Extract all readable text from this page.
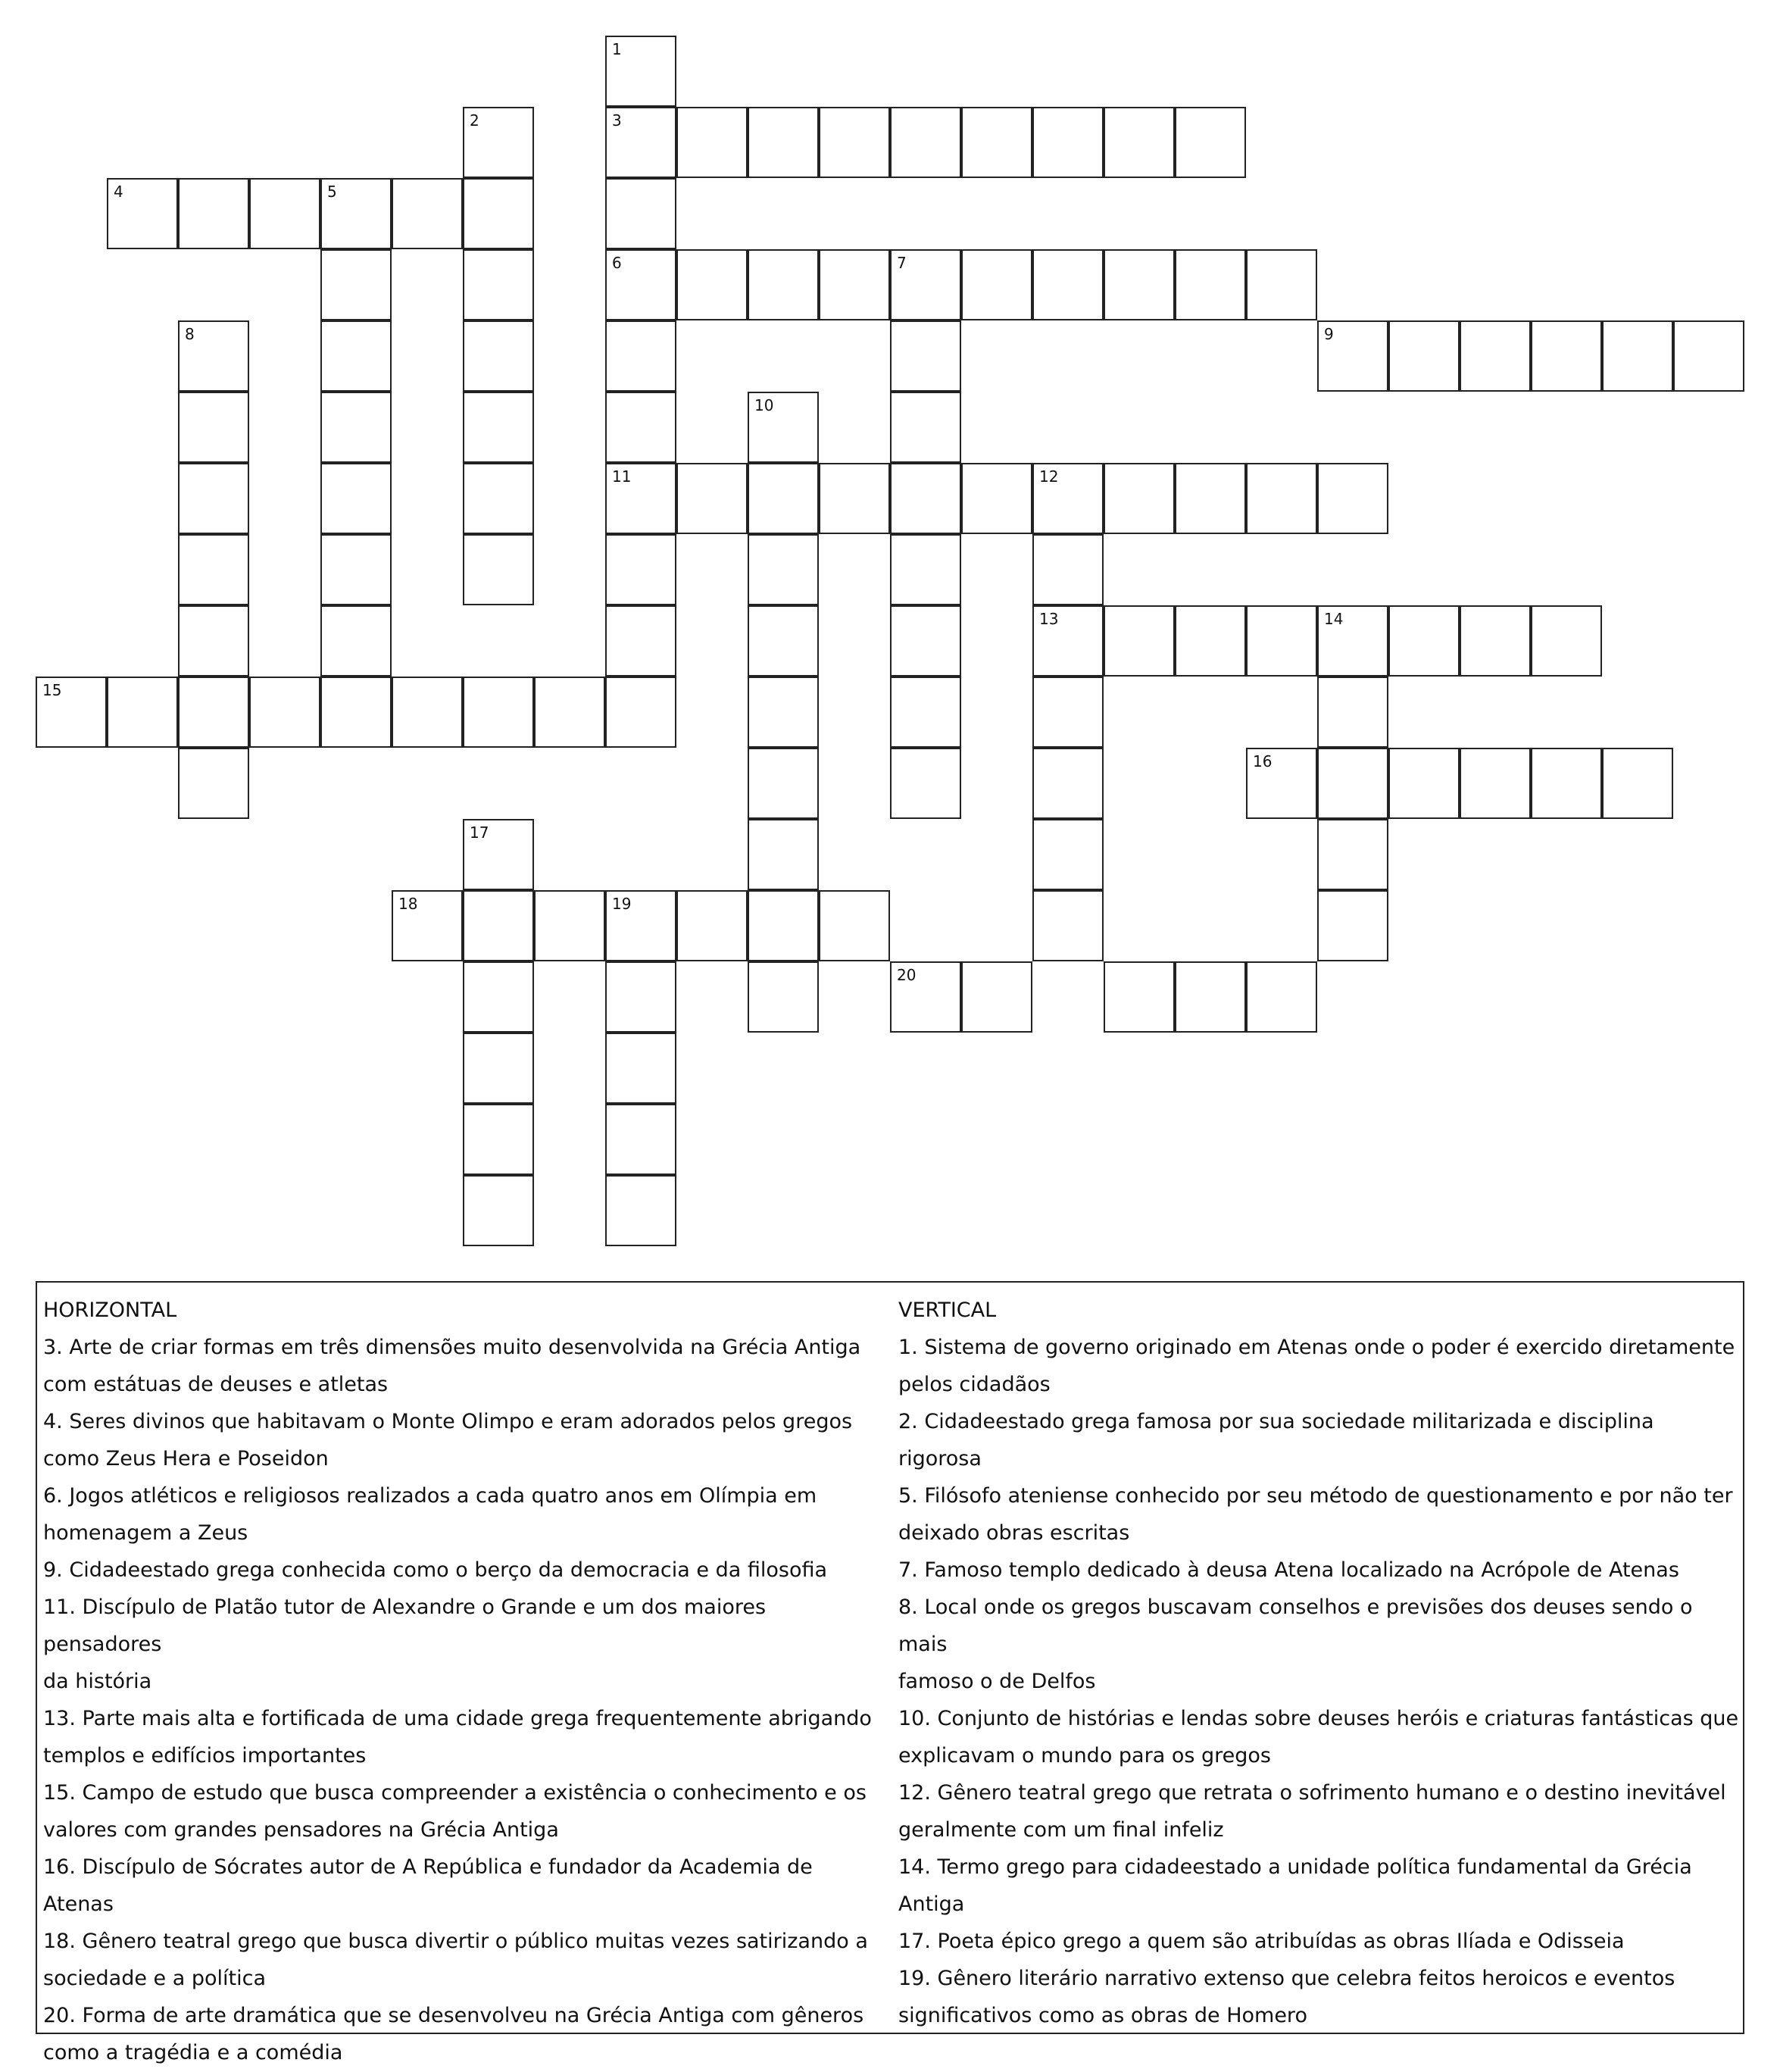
1
3
6
11
2
4	5
7
8	9
10
12
13	14
15
16
17
18	19
20
HORIZONTAL
3. Arte de criar formas em três dimensões muito desenvolvida na Grécia Antiga
com estátuas de deuses e atletas
4. Seres divinos que habitavam o Monte Olimpo e eram adorados pelos gregos
como Zeus Hera e Poseidon
6. Jogos atléticos e religiosos realizados a cada quatro anos em Olímpia em
homenagem a Zeus
9. Cidadeestado grega conhecida como o berço da democracia e da filosofia
11. Discípulo de Platão tutor de Alexandre o Grande e um dos maiores pensadores
da história
13. Parte mais alta e fortificada de uma cidade grega frequentemente abrigando
templos e edifícios importantes
15. Campo de estudo que busca compreender a existência o conhecimento e os
valores com grandes pensadores na Grécia Antiga
16. Discípulo de Sócrates autor de A República e fundador da Academia de Atenas
18. Gênero teatral grego que busca divertir o público muitas vezes satirizando a
sociedade e a política
20. Forma de arte dramática que se desenvolveu na Grécia Antiga com gêneros
como a tragédia e a comédia
VERTICAL
1. Sistema de governo originado em Atenas onde o poder é exercido diretamente
pelos cidadãos
2. Cidadeestado grega famosa por sua sociedade militarizada e disciplina rigorosa
5. Filósofo ateniense conhecido por seu método de questionamento e por não ter
deixado obras escritas
7. Famoso templo dedicado à deusa Atena localizado na Acrópole de Atenas
8. Local onde os gregos buscavam conselhos e previsões dos deuses sendo o mais
famoso o de Delfos
10. Conjunto de histórias e lendas sobre deuses heróis e criaturas fantásticas que
explicavam o mundo para os gregos
12. Gênero teatral grego que retrata o sofrimento humano e o destino inevitável
geralmente com um final infeliz
14. Termo grego para cidadeestado a unidade política fundamental da Grécia
Antiga
17. Poeta épico grego a quem são atribuídas as obras Ilíada e Odisseia
19. Gênero literário narrativo extenso que celebra feitos heroicos e eventos
significativos como as obras de Homero
